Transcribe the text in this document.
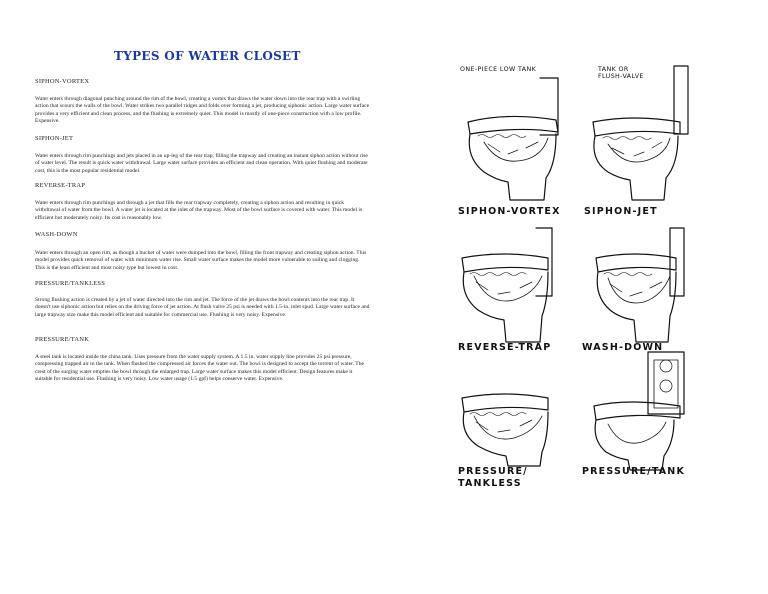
TYPES OF WATER CLOSET
SIPHON-VORTEX
Water enters through diagonal punching around the rim of the bowl, creating a vortex that draws the water down into the rear trap with a swirling action that scours the walls of the bowl. Water strikes two parallel ridges and folds over forming a jet, producing siphonic action. Large water surface provides a very efficient and clean process, and the flushing is extremely quiet. This model is mostly of one-piece construction with a low profile. Expensive.
SIPHON-JET
Water enters through rim punchings and jets placed in an up-leg of the rear trap, filling the trapway and creating an instant siphon action without rise of water level. The result is quick water withdrawal. Large water surface provides an efficient and clean operation. With quiet flushing and moderate cost, this is the most popular residential model.
REVERSE-TRAP
Water enters through rim punchings and through a jet that fills the rear trapway completely, creating a siphon action and resulting in quick withdrawal of water from the bowl. A water jet is located at the inlet of the trapway. Most of the bowl surface is covered with water. This model is efficient but moderately noisy. Its cost is reasonably low.
WASH-DOWN
Water enters through an open rim, as though a bucket of water were dumped into the bowl, filling the front trapway and creating siphon action. This model provides quick removal of water with minimum water rise. Small water surface makes the model more vulnerable to soiling and clogging. This is the least efficient and most noisy type but lowest in cost.
PRESSURE/TANKLESS
Strong flushing action is created by a jet of water directed into the rim and jet. The force of the jet draws the bowl contents into the rear trap. It doesn't use siphonic action but relies on the driving force of jet action. At flush valve 25 psi is needed with 1.5-in. inlet spud. Large water surface and large trapway size make this model efficient and suitable for commercial use. Flushing is very noisy. Expensive.
PRESSURE/TANK
A steel tank is located inside the china tank. Uses pressure from the water supply system. A 1.5 in. water supply line provides 25 psi pressure, compressing trapped air in the tank. When flushed the compressed air forces the water out. The bowl is designed to accept the torrent of water. The crest of the surging water empties the bowl through the enlarged trap. Large water surface makes this model efficient. Design features make it suitable for residential use. Flushing is very noisy. Low water usage (1.5 gpf) helps conserve water. Expensive.
ONE-PIECE LOW TANK	TANK OR
FLUSH-VALVE
SIPHON-VORTEX SIPHON-JET
REVERSE-TRAP	WASH-DOWN
PRESSURE/
TANKLESS
PRESSURE/TANK
